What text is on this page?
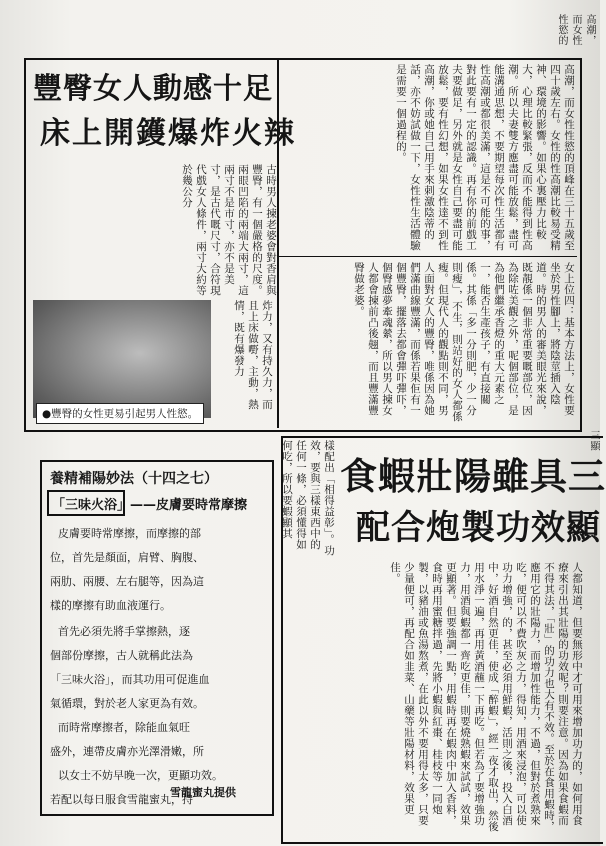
豐臀女人動感十足
床上開鑊爆炸火辣
古時男人揀老婆會對香肩與豐臀，有一個嚴格的尺度。兩眼凹陷的兩端大兩寸，這兩寸不是市寸，亦不是美寸，是古代嘅尺寸，合符現代戲女人條件，兩寸大約等於幾公分
●豐臀的女性更易引起男人性慾。
炸力，又有持久力，而且上床做嘢，主動，熱情，既有爆發力
高潮，而女性性慾的頂峰在三十五歲至四十歲左右。女性的性高潮比較易受精神、環境的影響。如果心裏壓力比較大，心理比較緊張，反而不能得到性高潮。所以夫妻雙方應盡可能放鬆，盡可能溝通思想，不要期望每次性生活都有性高潮或都很美滿，這是不可能的事，對此要有一定的認識。再有你的前戲工夫要做足，另外就是女性自己要盡可能放鬆，要有性幻想，如果女性達不到性高潮，你或她自己用手來刺激陰蒂的話，亦不妨試做一下，女性性生活體驗是需要一個過程的。
女上位四：基本方法上，女性要坐於男性腳上，將陰莖插入陰道。時的男人的審美眼光來說，既靚係一個非常重要嘅部位，因為除咗美觀之外，呢個部位，是為他們繼承香燈的重大元素之一，能否生產孩子，有直接關係。其係「多一分則肥，少一分則瘦」，不生，則站好的女人都係瘦。但現代人的觀點則不同，男人面對女人的豐臀，唯係因為她們滿曲線豐滿，而係若果佢有一個豐臀，擺落去都會彈吓彈吓，個臀感夢牽魂縈，所以男人揀女人都會揀前凸後翹，而且豐滿豐臀做老婆。
高潮，而女性性慾的
養精補陽妙法（十四之七）
「三味火浴」——皮膚要時常摩擦
皮膚要時常摩擦，而摩擦的部
位，首先是顏面，肩臂、胸腹、
兩肋、兩腰、左右腿等，因為這
樣的摩擦有助血液運行。
首先必須先將手掌擦熱，逐
個部份摩擦，古人就稱此法為
「三味火浴」，而其功用可促進血
氣循環，對於老人家更為有效。
而時常摩擦者，除能血氣旺
盛外，連帶皮膚亦光澤滑嫩，所
以女士不妨早晚一次，更顯功效。
若配以每日服食雪龍蜜丸，持
雪龍蜜丸提供
食蝦壯陽雖具三
配合炮製功效顯
樣配出「相得益彰」。功效，要與三樣東西中的任何一條，必須懂得如何吃，所以要蝦顯其
人都知道，但要無形中才可用來增加功力的，如何用食療來引出其壯陽的功效呢？則要注意。因為如果食蝦而不得其法，「壯」的功力也大有不效。至於在食用蝦時，應用它的壯陽力，而增加性能力，不過，但對於煮熟來吃，便可以不費吹灰之力，得知，用酒來浸泡，可以使功力增強，的，甚至必須用鮮蝦，活則之後，投入白酒中，好酒自然更佳，使成「醉蝦」，經一夜才取出，然後用水淨一遍，再用黃酒蘸一下再吃。但若為了要增強功力，用酒與蝦都一齊吃更佳，則要燒熟蝦來試試，效果更顯著。但要強調一點，用蝦時再在蝦肉中加入香料，食時再用蜜糖拌過，先將小蝦與紅棗、桂枝等一同炮製，以豬油或魚湯熬煮，在此以外不要用得太多，只要少量便可，再配合如韭菜、山藥等壯陽材料，效果更佳。
三顯
